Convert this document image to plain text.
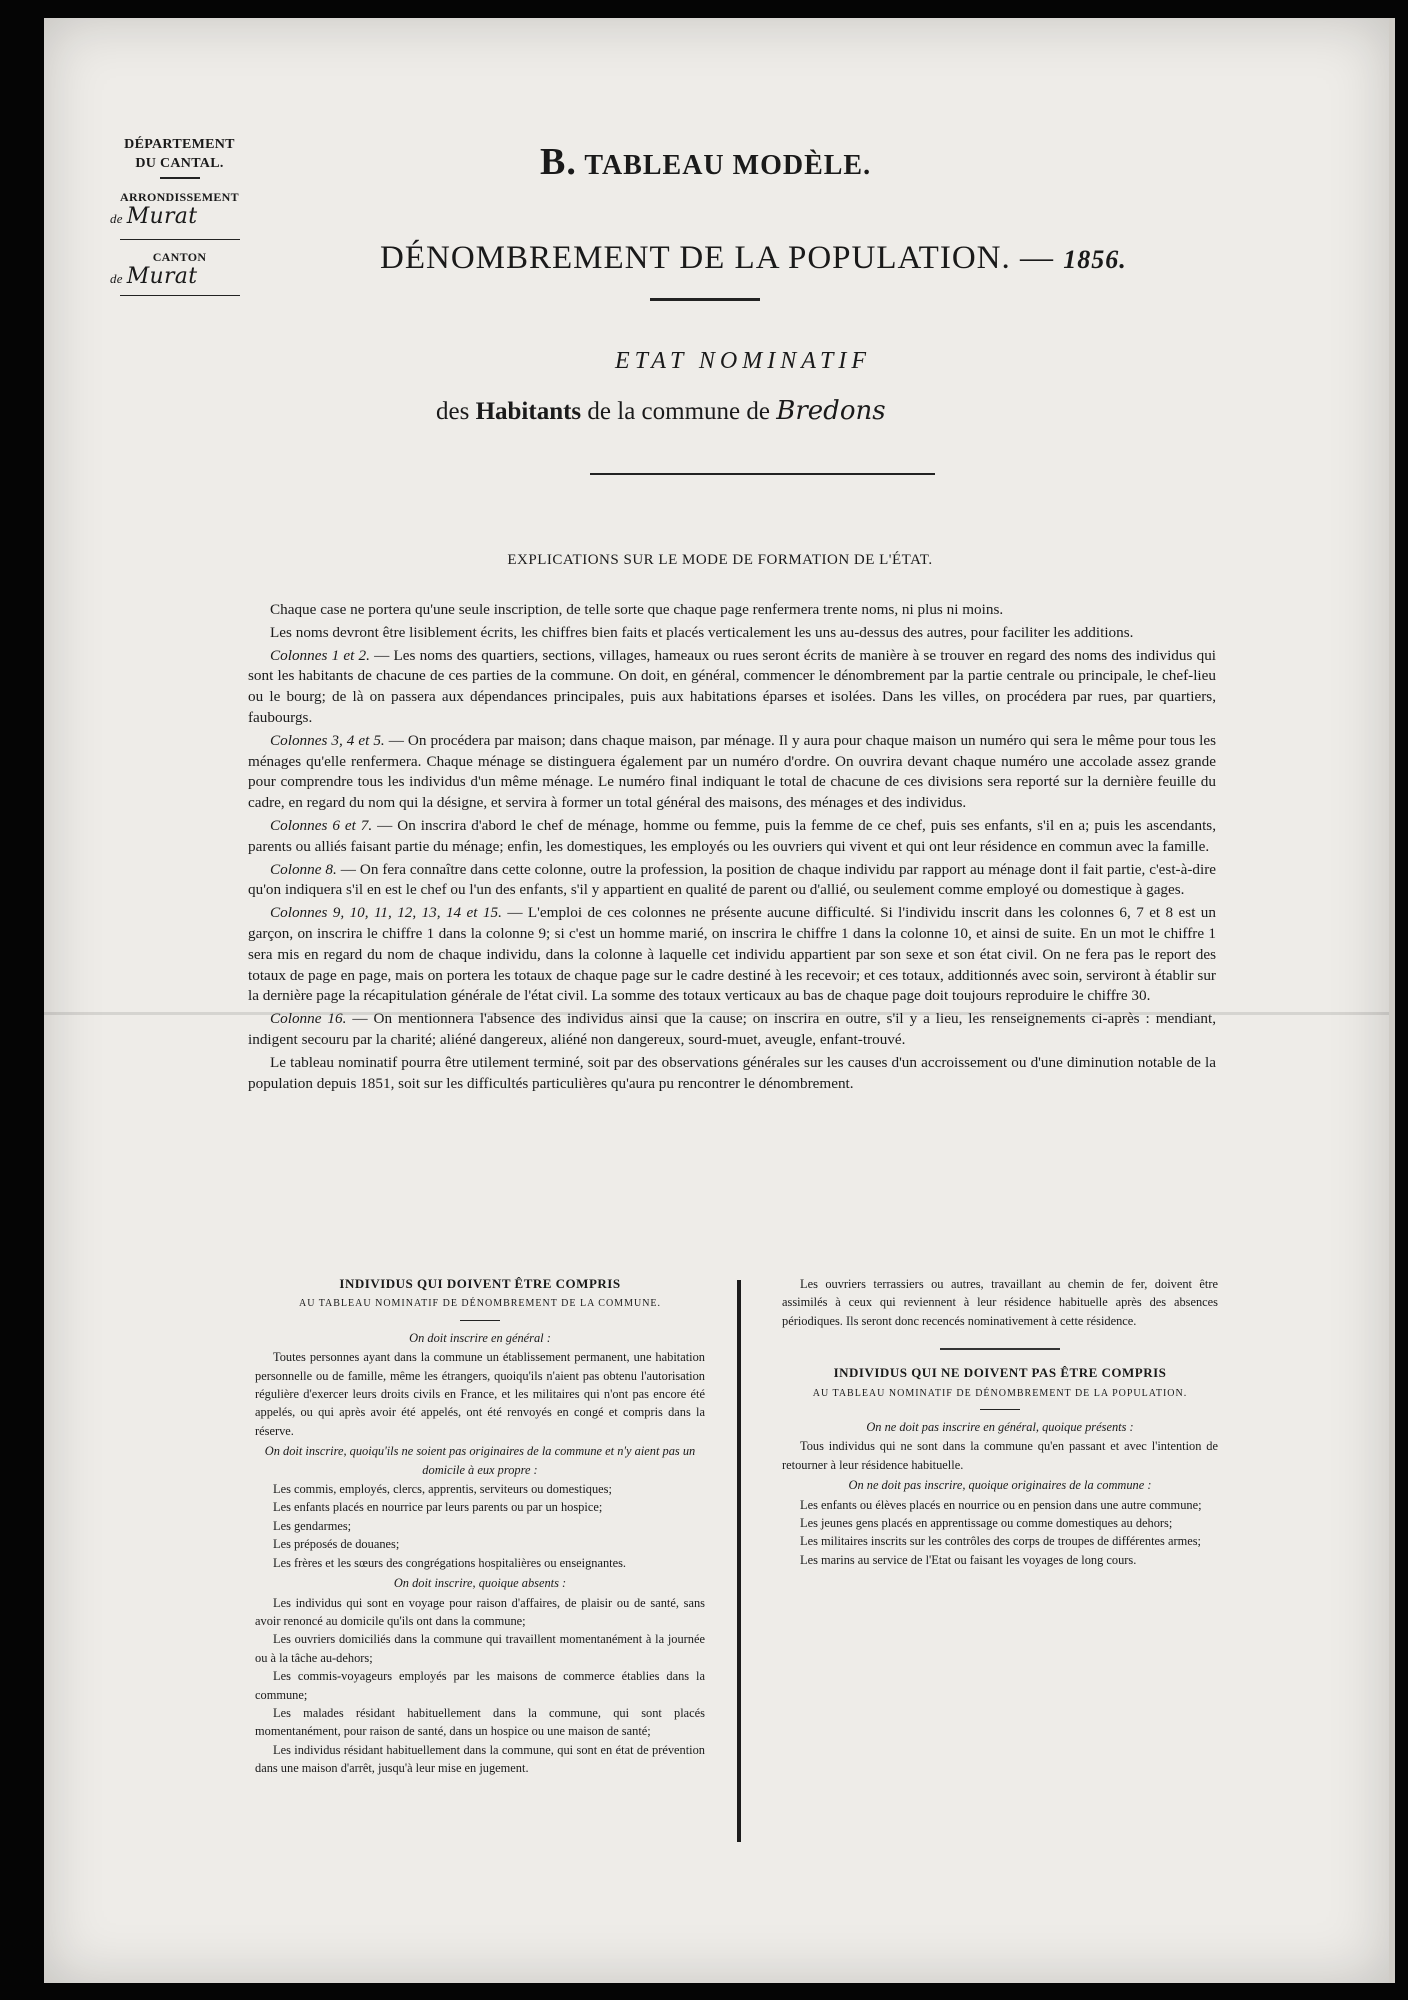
DÉPARTEMENT
DU CANTAL.
ARRONDISSEMENT
de Murat
CANTON
de Murat
B. TABLEAU MODÈLE.
DÉNOMBREMENT DE LA POPULATION. — 1856.
ETAT NOMINATIF
des Habitants de la commune de Bredons
EXPLICATIONS SUR LE MODE DE FORMATION DE L'ÉTAT.

Chaque case ne portera qu'une seule inscription, de telle sorte que chaque page renfermera trente noms, ni plus ni moins.

Les noms devront être lisiblement écrits, les chiffres bien faits et placés verticalement les uns au-dessus des autres, pour faciliter les additions.

Colonnes 1 et 2. — Les noms des quartiers, sections, villages, hameaux ou rues seront écrits de manière à se trouver en regard des noms des individus qui sont les habitants de chacune de ces parties de la commune. On doit, en général, commencer le dénombrement par la partie centrale ou principale, le chef-lieu ou le bourg; de là on passera aux dépendances principales, puis aux habitations éparses et isolées. Dans les villes, on procédera par rues, par quartiers, faubourgs.

Colonnes 3, 4 et 5. — On procédera par maison; dans chaque maison, par ménage. Il y aura pour chaque maison un numéro qui sera le même pour tous les ménages qu'elle renfermera. Chaque ménage se distinguera également par un numéro d'ordre. On ouvrira devant chaque numéro une accolade assez grande pour comprendre tous les individus d'un même ménage. Le numéro final indiquant le total de chacune de ces divisions sera reporté sur la dernière feuille du cadre, en regard du nom qui la désigne, et servira à former un total général des maisons, des ménages et des individus.

Colonnes 6 et 7. — On inscrira d'abord le chef de ménage, homme ou femme, puis la femme de ce chef, puis ses enfants, s'il en a; puis les ascendants, parents ou alliés faisant partie du ménage; enfin, les domestiques, les employés ou les ouvriers qui vivent et qui ont leur résidence en commun avec la famille.

Colonne 8. — On fera connaître dans cette colonne, outre la profession, la position de chaque individu par rapport au ménage dont il fait partie, c'est-à-dire qu'on indiquera s'il en est le chef ou l'un des enfants, s'il y appartient en qualité de parent ou d'allié, ou seulement comme employé ou domestique à gages.

Colonnes 9, 10, 11, 12, 13, 14 et 15. — L'emploi de ces colonnes ne présente aucune difficulté. Si l'individu inscrit dans les colonnes 6, 7 et 8 est un garçon, on inscrira le chiffre 1 dans la colonne 9; si c'est un homme marié, on inscrira le chiffre 1 dans la colonne 10, et ainsi de suite. En un mot le chiffre 1 sera mis en regard du nom de chaque individu, dans la colonne à laquelle cet individu appartient par son sexe et son état civil. On ne fera pas le report des totaux de page en page, mais on portera les totaux de chaque page sur le cadre destiné à les recevoir; et ces totaux, additionnés avec soin, serviront à établir sur la dernière page la récapitulation générale de l'état civil. La somme des totaux verticaux au bas de chaque page doit toujours reproduire le chiffre 30.

Colonne 16. — On mentionnera l'absence des individus ainsi que la cause; on inscrira en outre, s'il y a lieu, les renseignements ci-après : mendiant, indigent secouru par la charité; aliéné dangereux, aliéné non dangereux, sourd-muet, aveugle, enfant-trouvé.

Le tableau nominatif pourra être utilement terminé, soit par des observations générales sur les causes d'un accroissement ou d'une diminution notable de la population depuis 1851, soit sur les difficultés particulières qu'aura pu rencontrer le dénombrement.

INDIVIDUS QUI DOIVENT ÊTRE COMPRIS
AU TABLEAU NOMINATIF DE DÉNOMBREMENT DE LA COMMUNE.
On doit inscrire en général :

Toutes personnes ayant dans la commune un établissement permanent, une habitation personnelle ou de famille, même les étrangers, quoiqu'ils n'aient pas obtenu l'autorisation régulière d'exercer leurs droits civils en France, et les militaires qui n'ont pas encore été appelés, ou qui après avoir été appelés, ont été renvoyés en congé et compris dans la réserve.

On doit inscrire, quoiqu'ils ne soient pas originaires de la commune et n'y aient pas un domicile à eux propre :

Les commis, employés, clercs, apprentis, serviteurs ou domestiques;

Les enfants placés en nourrice par leurs parents ou par un hospice;

Les gendarmes;

Les préposés de douanes;

Les frères et les sœurs des congrégations hospitalières ou enseignantes.

On doit inscrire, quoique absents :

Les individus qui sont en voyage pour raison d'affaires, de plaisir ou de santé, sans avoir renoncé au domicile qu'ils ont dans la commune;

Les ouvriers domiciliés dans la commune qui travaillent momentanément à la journée ou à la tâche au-dehors;

Les commis-voyageurs employés par les maisons de commerce établies dans la commune;

Les malades résidant habituellement dans la commune, qui sont placés momentanément, pour raison de santé, dans un hospice ou une maison de santé;

Les individus résidant habituellement dans la commune, qui sont en état de prévention dans une maison d'arrêt, jusqu'à leur mise en jugement.

Les ouvriers terrassiers ou autres, travaillant au chemin de fer, doivent être assimilés à ceux qui reviennent à leur résidence habituelle après des absences périodiques. Ils seront donc recencés nominativement à cette résidence.

INDIVIDUS QUI NE DOIVENT PAS ÊTRE COMPRIS
AU TABLEAU NOMINATIF DE DÉNOMBREMENT DE LA POPULATION.
On ne doit pas inscrire en général, quoique présents :

Tous individus qui ne sont dans la commune qu'en passant et avec l'intention de retourner à leur résidence habituelle.

On ne doit pas inscrire, quoique originaires de la commune :

Les enfants ou élèves placés en nourrice ou en pension dans une autre commune;

Les jeunes gens placés en apprentissage ou comme domestiques au dehors;

Les militaires inscrits sur les contrôles des corps de troupes de différentes armes;

Les marins au service de l'Etat ou faisant les voyages de long cours.
